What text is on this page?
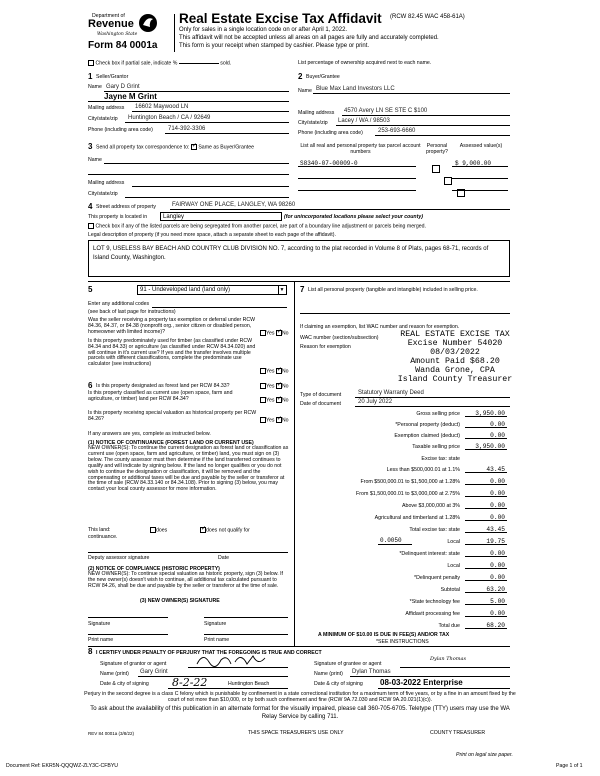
Department of
Revenue
Washington State
Form 84 0001a
Real Estate Excise Tax Affidavit (RCW 82.45 WAC 458-61A)
Only for sales in a single location code on or after April 1, 2022.
This affidavit will not be accepted unless all areas on all pages are fully and accurately completed.
This form is your receipt when stamped by cashier. Please type or print.
Check box if partial sale, indicate %	sold.	List percentage of ownership acquired next to each name.
1 Seller/Grantor
Name Gary D Grint
Jayne M Grint
Mailing address 16602 Maywood LN
City/state/zip Huntington Beach / CA / 92649
Phone (including area code)	714-392-3306
2 Buyer/Grantee
Name Blue Max Land Investors LLC
Mailing address 4570 Avery LN SE STE C $100
City/state/zip Lacey / WA / 98503
Phone (including area code)	253-693-6660
3 Send all property tax correspondence to: ✓ Same as Buyer/Grantee
Name
Mailing address
City/state/zip
List all real and personal property tax parcel account numbers
Personal property?
Assessed value(s)
S8340-07-00009-0	$ 9,000.00

4 Street address of property	FAIRWAY ONE PLACE, LANGLEY, WA 98260
This property is located in	Langley	(for unincorporated locations please select your county)
Check box if any of the listed parcels are being segregated from another parcel, are part of a boundary line adjustment or parcels being merged.
Legal description of property (if you need more space, attach a separate sheet to each page of the affidavit).
LOT 9, USELESS BAY BEACH AND COUNTRY CLUB DIVISION NO. 7, according to the plat recorded in Volume 8 of Plats, pages 68-71, records of Island County, Washington.
5	91 - Undeveloped land (land only)	▼
Enter any additional codes
(see back of last page for instructions)
Was the seller receiving a property tax exemption or deferral under RCW 84.36, 84.37, or 84.38 (nonprofit org., senior citizen or disabled person, homeowner with limited income)?	Yes ✓ No
Is this property predominately used for timber (as classified under RCW 84.34 and 84.33) or agriculture (as classified under RCW 84.34.020) and will continue in it's current use? If yes and the transfer involves multiple parcels with different classifications, complete the predominate use calculator (see instructions)
Yes ✓ No
6 Is this property designated as forest land per RCW 84.33?	Yes ✓ No
Is this property classified as current use (open space, farm and agriculture, or timber) land per RCW 84.34?	Yes ✓ No
Is this property receiving special valuation as historical property per RCW 84.26?	Yes ✓ No
If any answers are yes, complete as instructed below.
(1) NOTICE OF CONTINUANCE (FOREST LAND OR CURRENT USE)
NEW OWNER(S): To continue the current designation as forest land or classification as current use (open space, farm and agriculture, or timber) land, you must sign on (3) below. The county assessor must then determine if the land transferred continues to qualify and will indicate by signing below. If the land no longer qualifies or you do not wish to continue the designation or classification, it will be removed and the compensating or additional taxes will be due and payable by the seller or transferor at the time of sale (RCW 84.33.140 or 84.34.108). Prior to signing (3) below, you may contact your local county assessor for more information.
This land:	does ✓	does not qualify for
continuance.
Deputy assessor signature	Date
(2) NOTICE OF COMPLIANCE (HISTORIC PROPERTY)
NEW OWNER(S): To continue special valuation as historic property, sign (3) below. If the new owner(s) doesn't wish to continue, all additional tax calculated pursuant to RCW 84.26, shall be due and payable by the seller or transferor at the time of sale.
(3) NEW OWNER(S) SIGNATURE
Signature	Signature
Print name	Print name
7 List all personal property (tangible and intangible) included in selling price.
If claiming an exemption, list WAC number and reason for exemption.
WAC number (section/subsection)
Reason for exemption
REAL ESTATE EXCISE TAX
Excise Number 54020
08/03/2022
Amount Paid $68.20
Wanda Grone, CPA
Island County Treasurer
Type of document	Statutory Warranty Deed
Date of document	20 July 2022
Gross selling price	3,950.00
*Personal property (deduct)	0.00
Exemption claimed (deduct)	0.00
Taxable selling price	3,950.00
Excise tax: state
Less than $500,000.01 at 1.1%	43.45
From $500,000.01 to $1,500,000 at 1.28%	0.00
From $1,500,000.01 to $3,000,000 at 2.75%	0.00
Above $3,000,000 at 3%	0.00
Agricultural and timberland at 1.28%	0.00
Total excise tax: state	43.45
0.0050	Local	19.75
*Delinquent interest: state	0.00
Local	0.00
*Delinquent penalty	0.00
Subtotal	63.20
*State technology fee	5.00
Affidavit processing fee	0.00
Total due	68.20
A MINIMUM OF $10.00 IS DUE IN FEE(S) AND/OR TAX
*SEE INSTRUCTIONS
8 I CERTIFY UNDER PENALTY OF PERJURY THAT THE FOREGOING IS TRUE AND CORRECT
Signature of grantor or agent
Name (print) Gary Grint
Date & city of signing 8-2-22	Huntington Beach
Signature of grantee or agent
Dylan Thomas
Name (print) Dylan Thomas
Date & city of signing 08-03-2022 Enterprise
Perjury in the second degree is a class C felony which is punishable by confinement in a state correctional institution for a maximum term of five years, or by a fine in an amount fixed by the court of not more than $10,000, or by both such confinement and fine (RCW 9A.72.030 and RCW 9A.20.021(1)(c)).
To ask about the availability of this publication in an alternate format for the visually impaired, please call 360-705-6705. Teletype (TTY) users may use the WA Relay Service by calling 711.
REV 84 0001a (3/8/22)	THIS SPACE TREASURER'S USE ONLY	COUNTY TREASURER
Print on legal size paper.
Document Ref: EKR5N-QQQWZ-ZLY3C-CFBYU	Page 1 of 1
